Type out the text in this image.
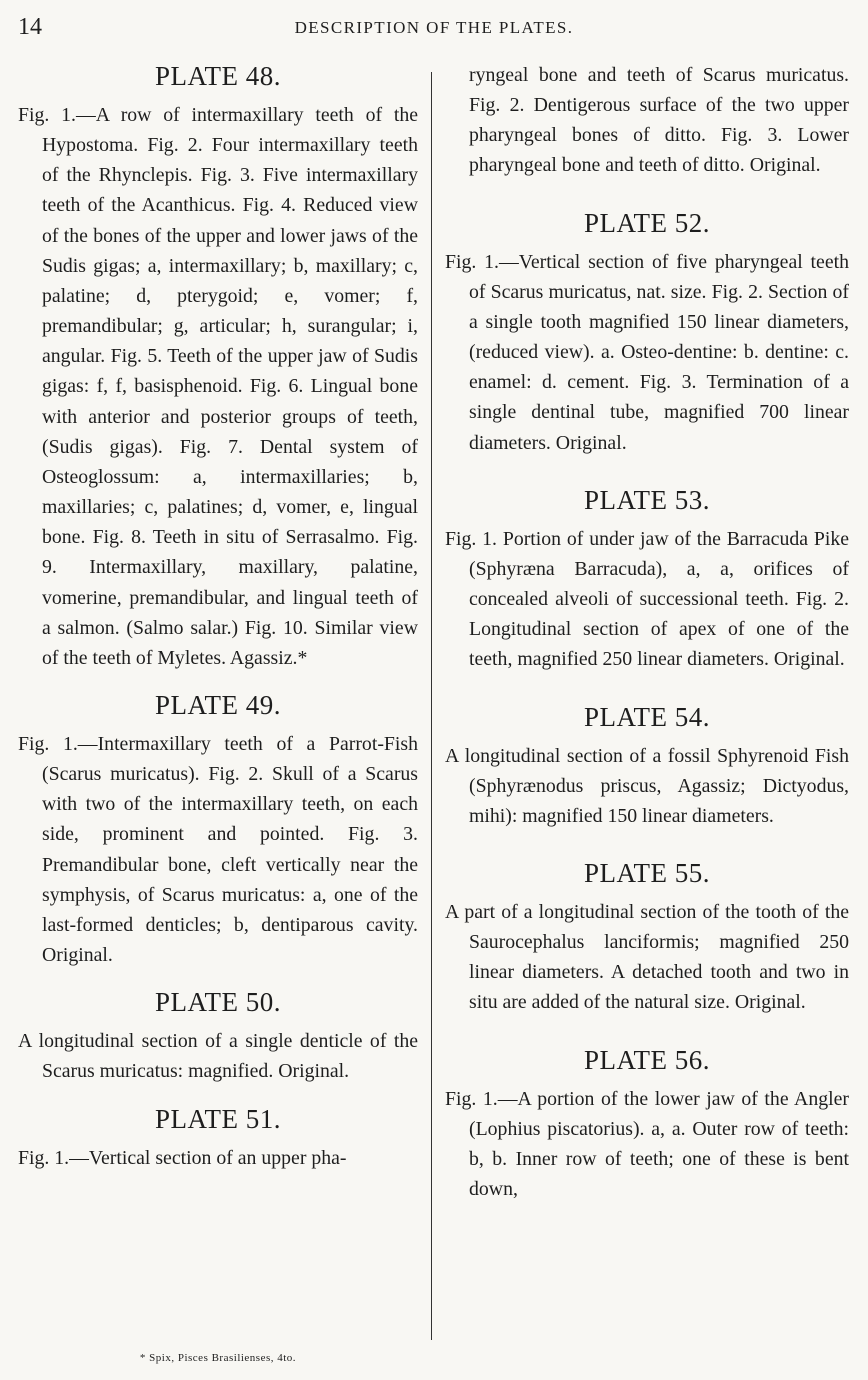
14	DESCRIPTION OF THE PLATES.
PLATE 48.

Fig. 1.—A row of intermaxillary teeth of the Hypostoma. Fig. 2. Four intermaxillary teeth of the Rhynclepis. Fig. 3. Five intermaxillary teeth of the Acanthicus. Fig. 4. Reduced view of the bones of the upper and lower jaws of the Sudis gigas; a, intermaxillary; b, maxillary; c, palatine; d, pterygoid; e, vomer; f, premandibular; g, articular; h, surangular; i, angular. Fig. 5. Teeth of the upper jaw of Sudis gigas: f, f, basisphenoid. Fig. 6. Lingual bone with anterior and posterior groups of teeth, (Sudis gigas). Fig. 7. Dental system of Osteoglossum: a, intermaxillaries; b, maxillaries; c, palatines; d, vomer, e, lingual bone. Fig. 8. Teeth in situ of Serrasalmo. Fig. 9. Intermaxillary, maxillary, palatine, vomerine, premandibular, and lingual teeth of a salmon. (Salmo salar.) Fig. 10. Similar view of the teeth of Myletes. Agassiz.*

PLATE 49.

Fig. 1.—Intermaxillary teeth of a Parrot-Fish (Scarus muricatus). Fig. 2. Skull of a Scarus with two of the intermaxillary teeth, on each side, prominent and pointed. Fig. 3. Premandibular bone, cleft vertically near the symphysis, of Scarus muricatus: a, one of the last-formed denticles; b, dentiparous cavity. Original.

PLATE 50.

A longitudinal section of a single denticle of the Scarus muricatus: magnified. Original.

PLATE 51.

Fig. 1.—Vertical section of an upper pha-

* Spix, Pisces Brasilienses, 4to.

ryngeal bone and teeth of Scarus muricatus. Fig. 2. Dentigerous surface of the two upper pharyngeal bones of ditto. Fig. 3. Lower pharyngeal bone and teeth of ditto. Original.

PLATE 52.

Fig. 1.—Vertical section of five pharyngeal teeth of Scarus muricatus, nat. size. Fig. 2. Section of a single tooth magnified 150 linear diameters, (reduced view). a. Osteo-dentine: b. dentine: c. enamel: d. cement. Fig. 3. Termination of a single dentinal tube, magnified 700 linear diameters. Original.

PLATE 53.

Fig. 1. Portion of under jaw of the Barracuda Pike (Sphyræna Barracuda), a, a, orifices of concealed alveoli of successional teeth. Fig. 2. Longitudinal section of apex of one of the teeth, magnified 250 linear diameters. Original.

PLATE 54.

A longitudinal section of a fossil Sphyrenoid Fish (Sphyrænodus priscus, Agassiz; Dictyodus, mihi): magnified 150 linear diameters.

PLATE 55.

A part of a longitudinal section of the tooth of the Saurocephalus lanciformis; magnified 250 linear diameters. A detached tooth and two in situ are added of the natural size. Original.

PLATE 56.

Fig. 1.—A portion of the lower jaw of the Angler (Lophius piscatorius). a, a. Outer row of teeth: b, b. Inner row of teeth; one of these is bent down,
